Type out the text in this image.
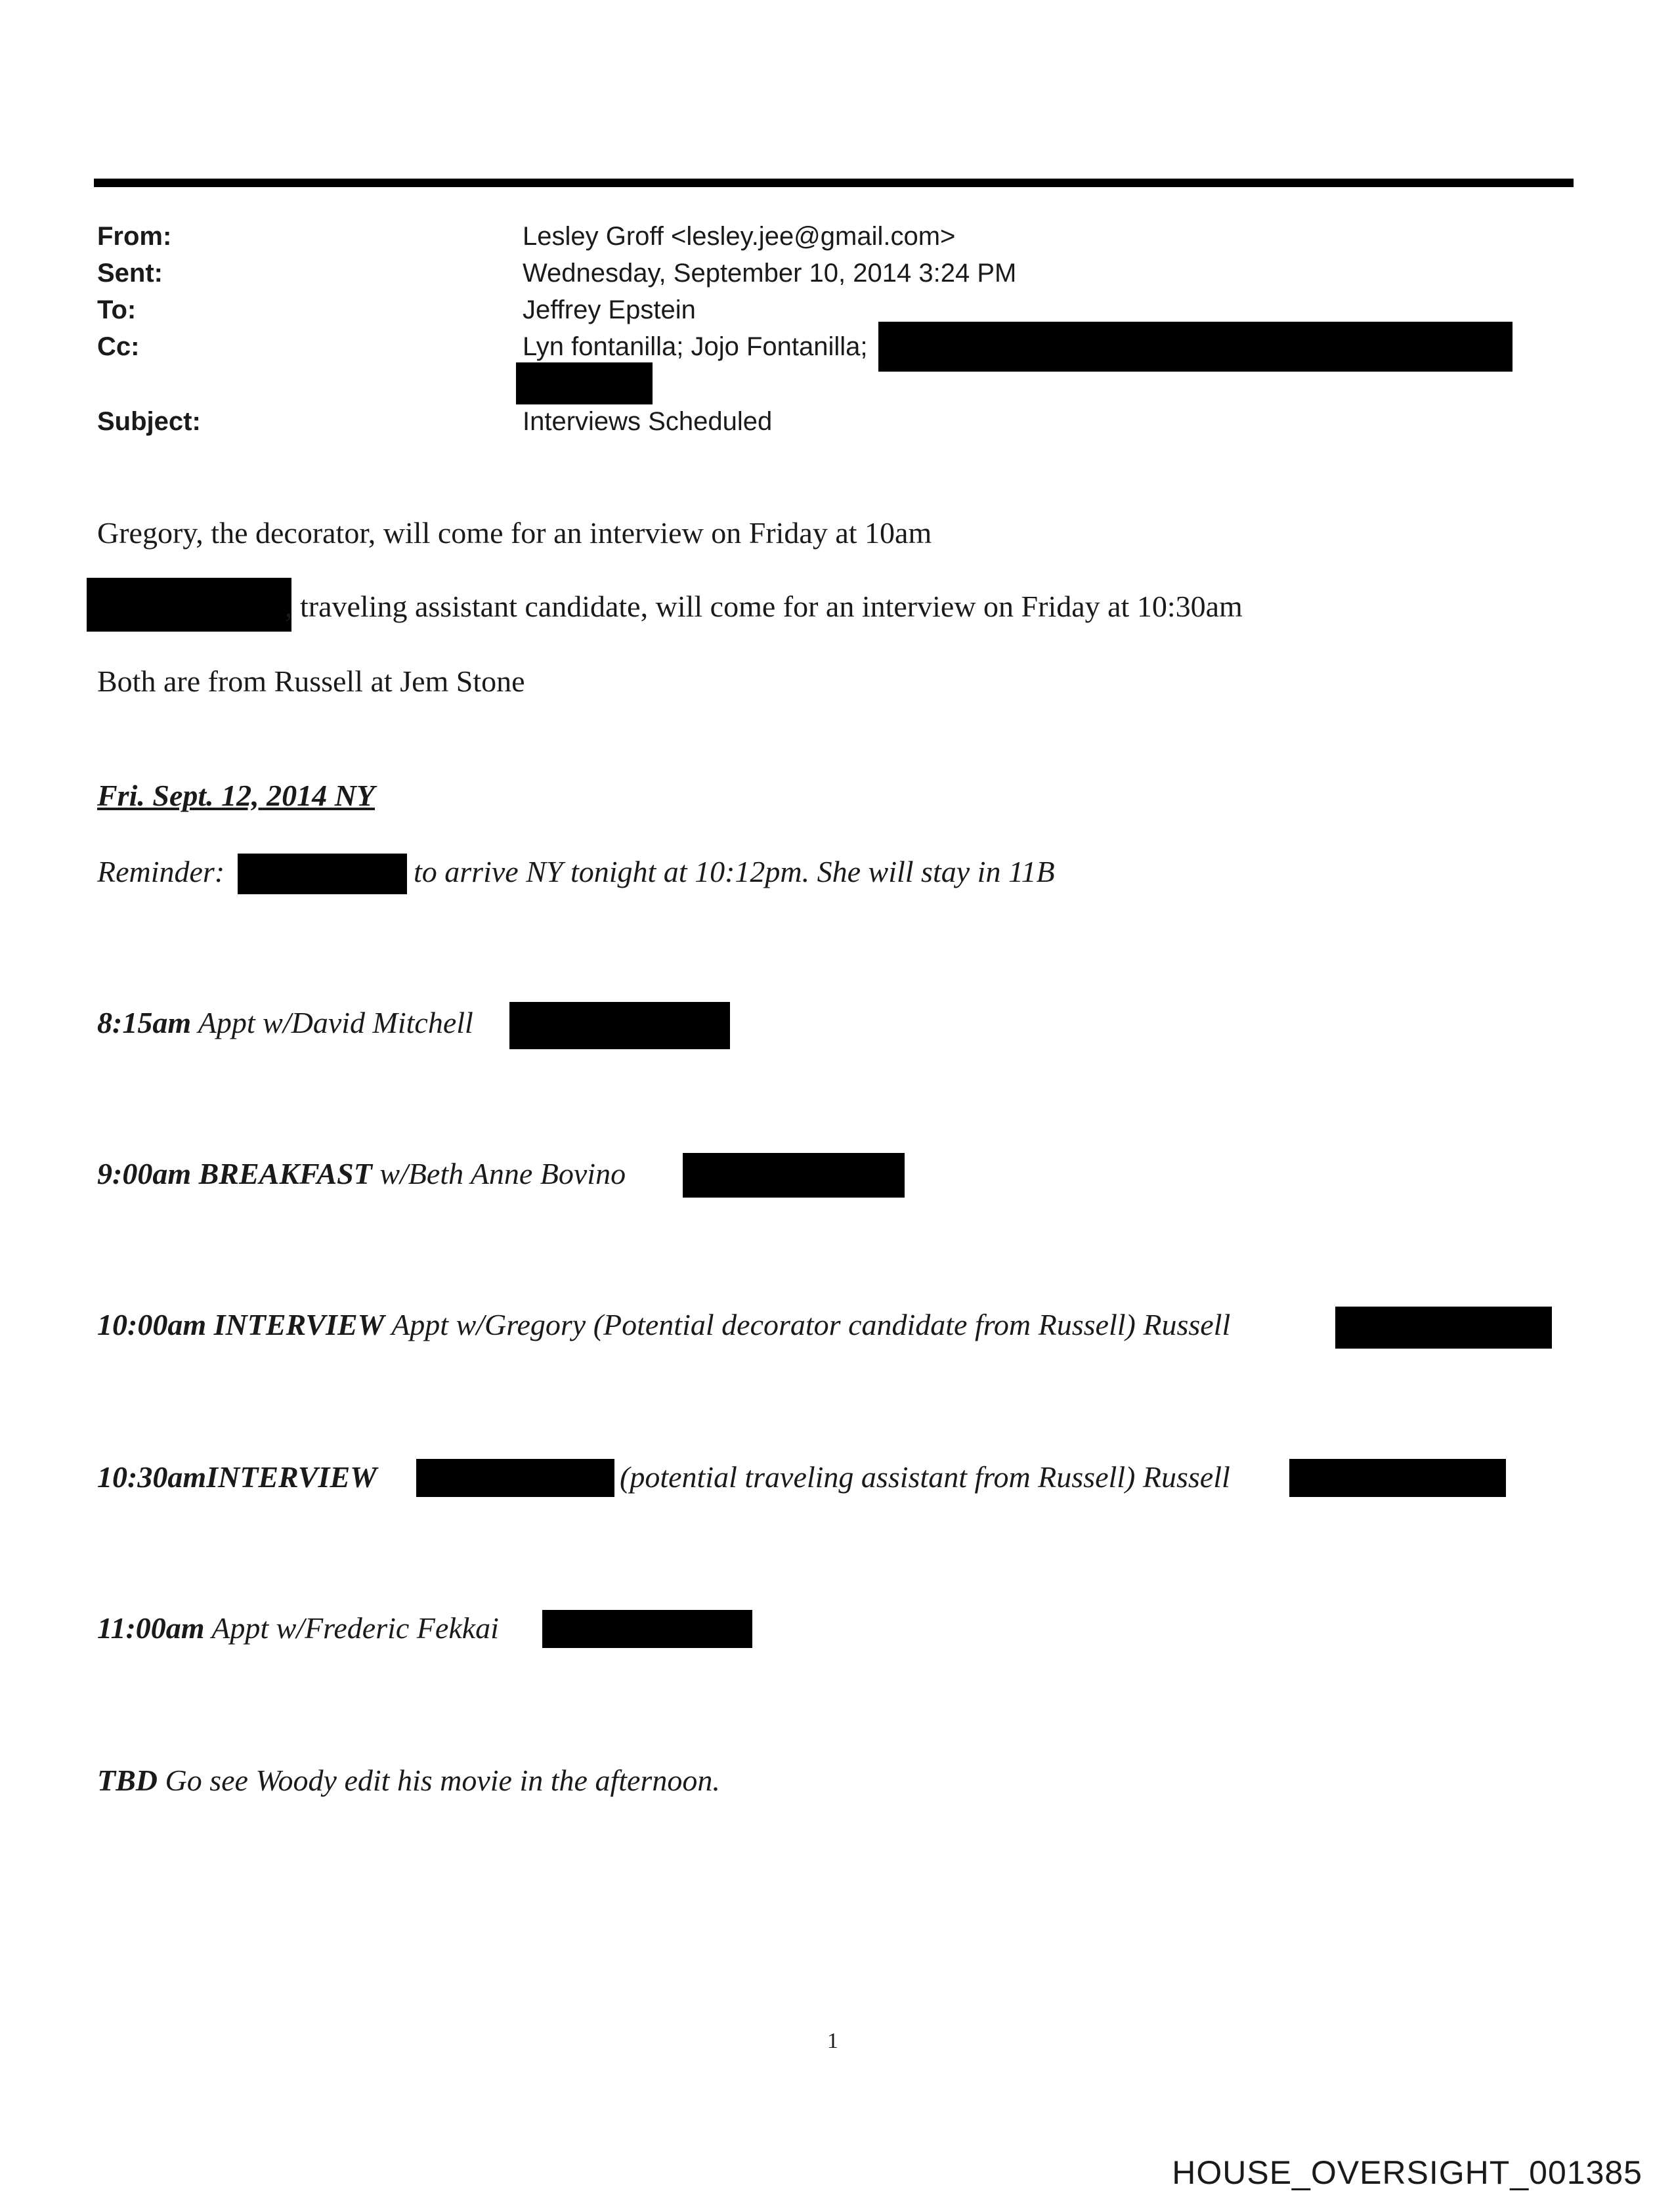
From:	Lesley Groff <lesley.jee@gmail.com>
Sent:	Wednesday, September 10, 2014 3:24 PM
To:	Jeffrey Epstein
Cc:	Lyn fontanilla; Jojo Fontanilla;
Subject:	Interviews Scheduled
Gregory, the decorator, will come for an interview on Friday at 10am
, traveling assistant candidate, will come for an interview on Friday at 10:30am
Both are from Russell at Jem Stone
Fri. Sept. 12, 2014 NY
Reminder:	to arrive NY tonight at 10:12pm. She will stay in 11B
8:15am Appt w/David Mitchell
9:00am BREAKFAST w/Beth Anne Bovino
10:00am INTERVIEW Appt w/Gregory (Potential decorator candidate from Russell) Russell
10:30amINTERVIEW	(potential traveling assistant from Russell) Russell
11:00am Appt w/Frederic Fekkai
TBD Go see Woody edit his movie in the afternoon.
1
HOUSE_OVERSIGHT_001385
